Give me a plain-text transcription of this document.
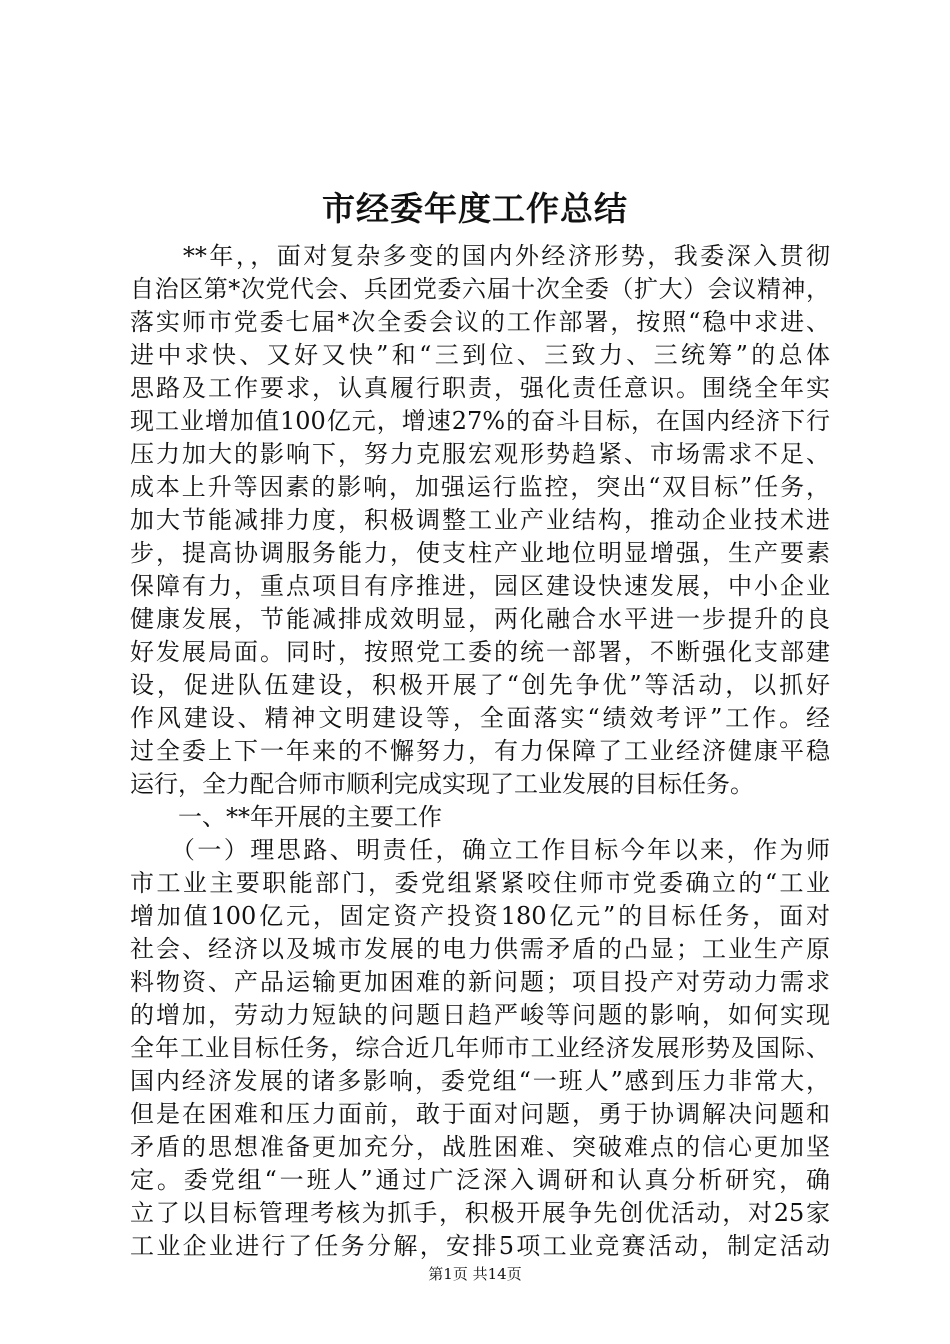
市经委年度工作总结
　　**年，，面对复杂多变的国内外经济形势，我委深入贯彻
自治区第*次党代会、兵团党委六届十次全委（扩大）会议精神，
落实师市党委七届*次全委会议的工作部署，按照“稳中求进、
进中求快、又好又快”和“三到位、三致力、三统筹”的总体
思路及工作要求，认真履行职责，强化责任意识。围绕全年实
现工业增加值100亿元，增速27%的奋斗目标，在国内经济下行
压力加大的影响下，努力克服宏观形势趋紧、市场需求不足、
成本上升等因素的影响，加强运行监控，突出“双目标”任务，
加大节能减排力度，积极调整工业产业结构，推动企业技术进
步，提高协调服务能力，使支柱产业地位明显增强，生产要素
保障有力，重点项目有序推进，园区建设快速发展，中小企业
健康发展，节能减排成效明显，两化融合水平进一步提升的良
好发展局面。同时，按照党工委的统一部署，不断强化支部建
设，促进队伍建设，积极开展了“创先争优”等活动，以抓好
作风建设、精神文明建设等，全面落实“绩效考评”工作。经
过全委上下一年来的不懈努力，有力保障了工业经济健康平稳
运行，全力配合师市顺利完成实现了工业发展的目标任务。
　　一、**年开展的主要工作
　　（一）理思路、明责任，确立工作目标今年以来，作为师
市工业主要职能部门，委党组紧紧咬住师市党委确立的“工业
增加值100亿元，固定资产投资180亿元”的目标任务，面对
社会、经济以及城市发展的电力供需矛盾的凸显；工业生产原
料物资、产品运输更加困难的新问题；项目投产对劳动力需求
的增加，劳动力短缺的问题日趋严峻等问题的影响，如何实现
全年工业目标任务，综合近几年师市工业经济发展形势及国际、
国内经济发展的诸多影响，委党组“一班人”感到压力非常大，
但是在困难和压力面前，敢于面对问题，勇于协调解决问题和
矛盾的思想准备更加充分，战胜困难、突破难点的信心更加坚
定。委党组“一班人”通过广泛深入调研和认真分析研究，确
立了以目标管理考核为抓手，积极开展争先创优活动，对25家
工业企业进行了任务分解，安排5项工业竞赛活动，制定活动
第1页 共14页
